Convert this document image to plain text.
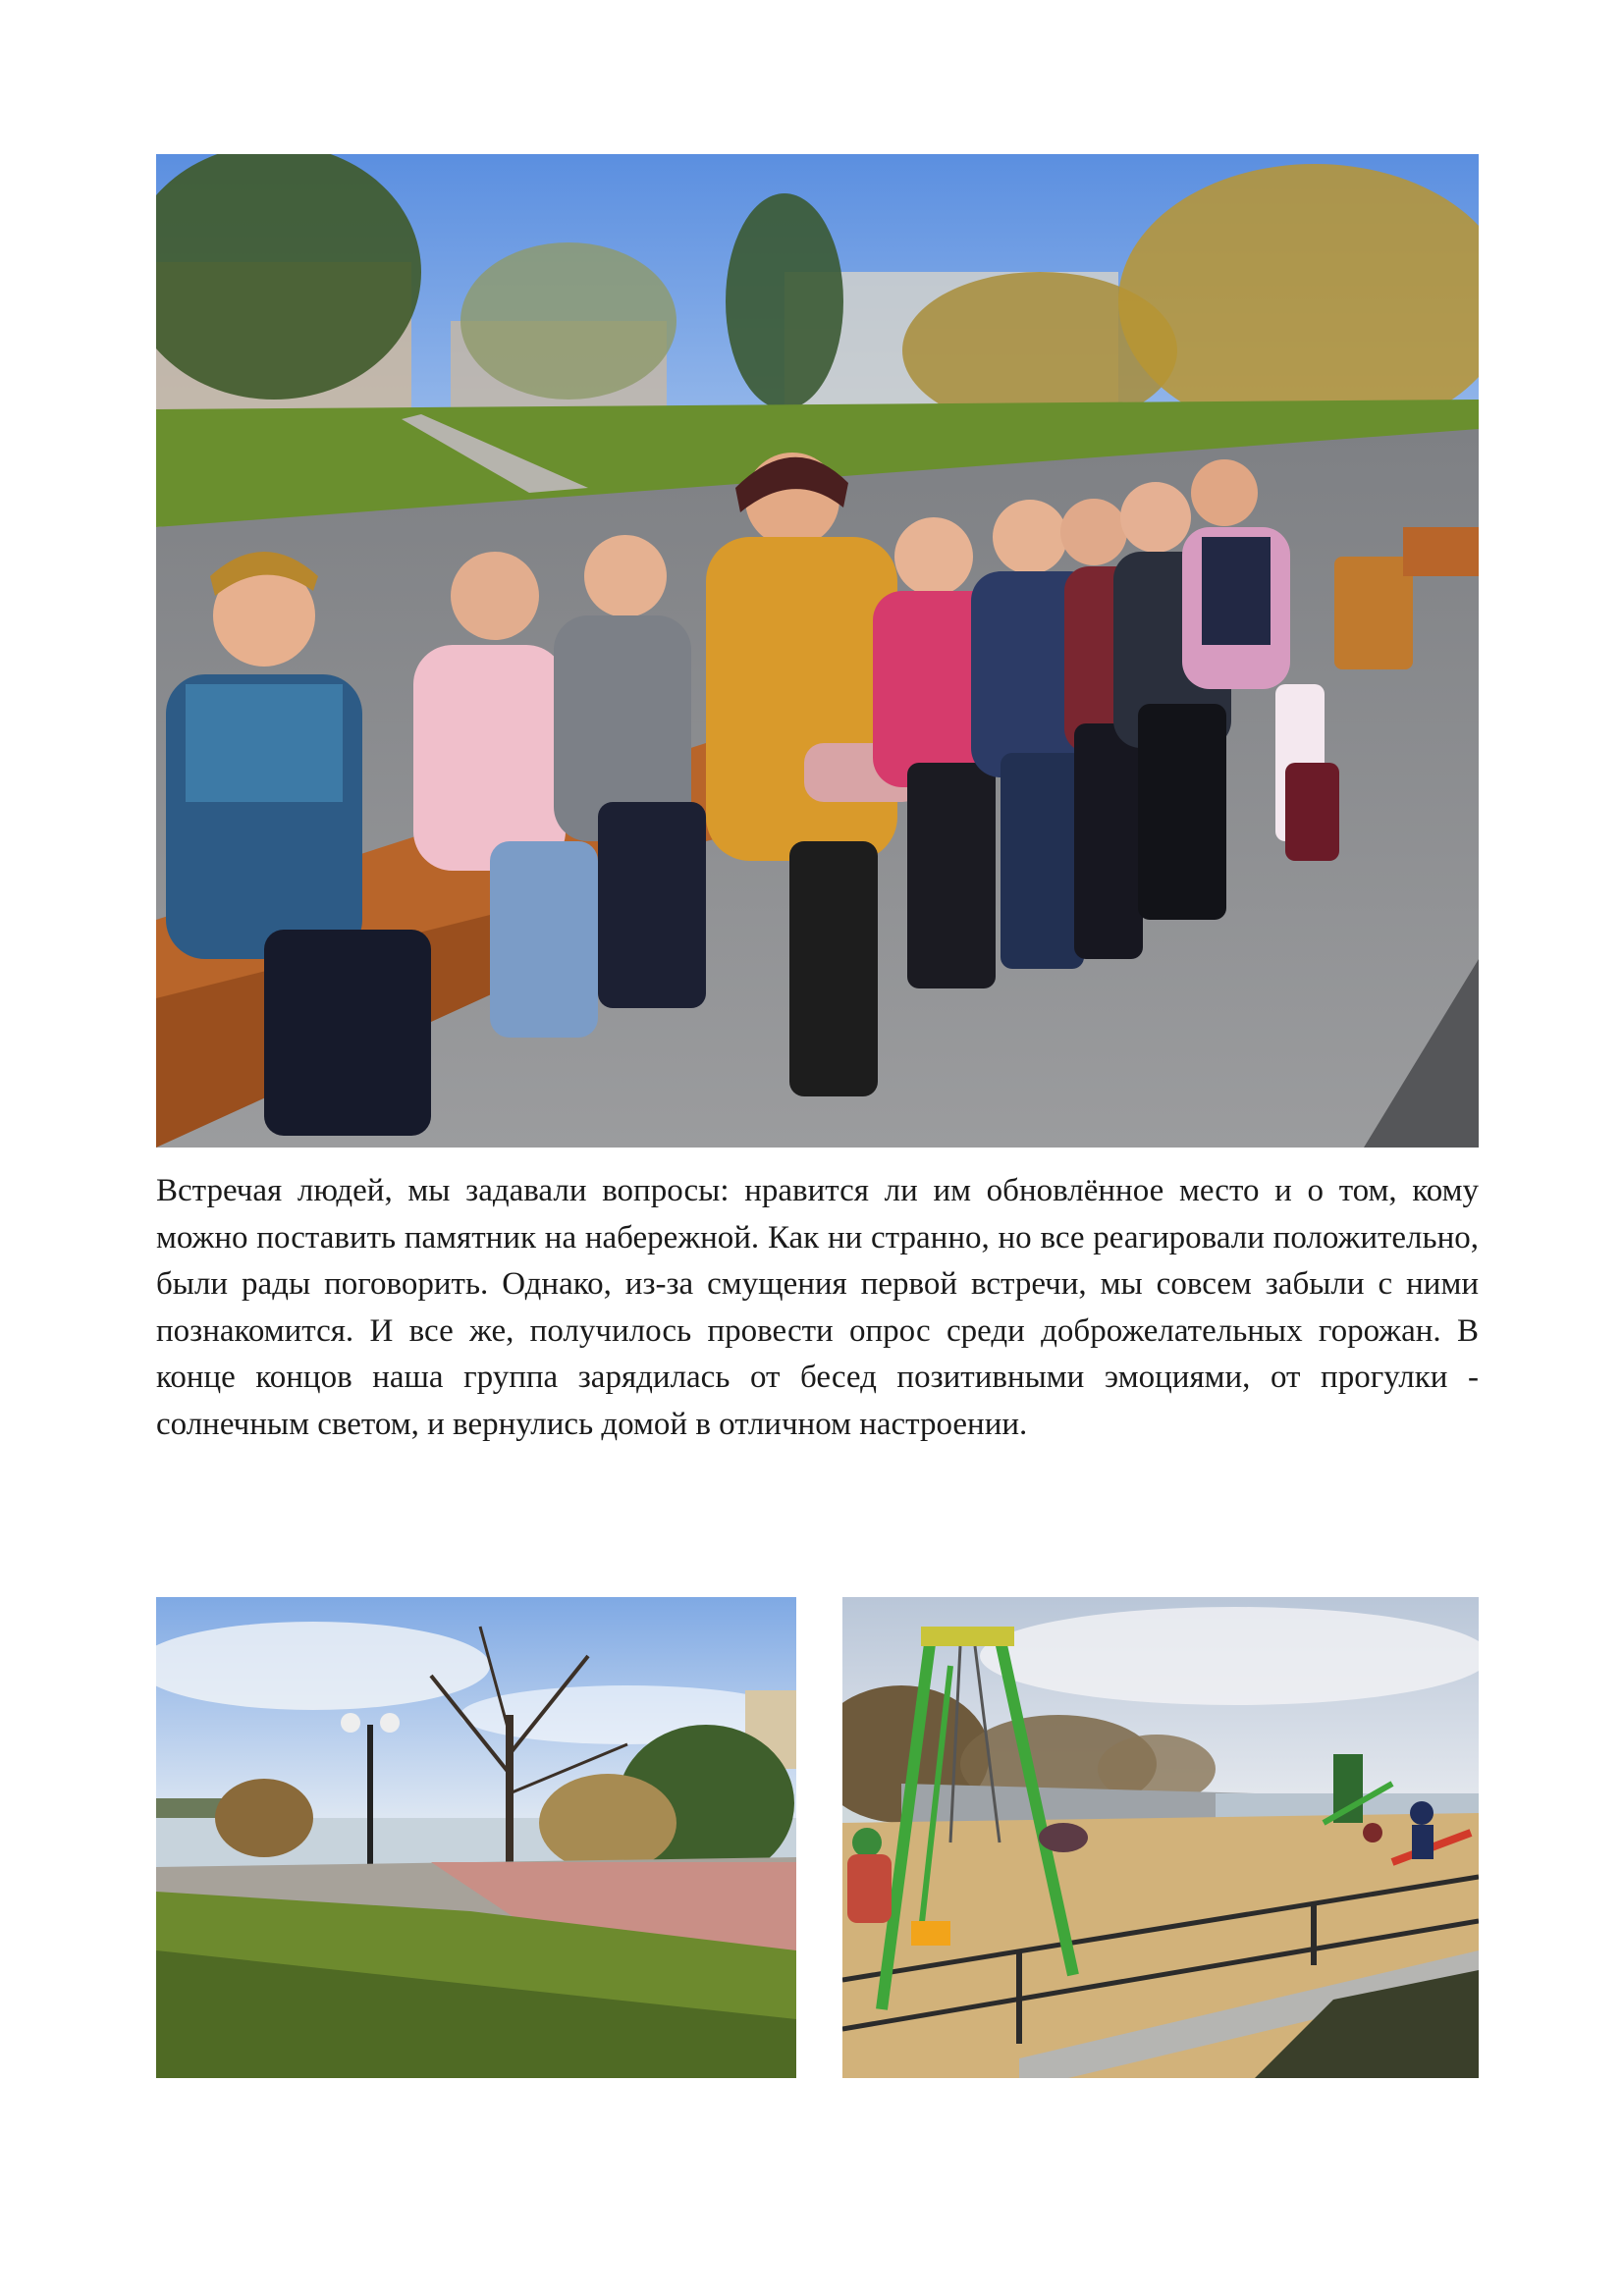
Встречая людей, мы задавали вопросы: нравится ли им обновлённое место и о том, кому можно поставить памятник на набережной. Как ни странно, но все реагировали положительно, были рады поговорить. Однако, из-за смущения первой встречи, мы совсем забыли с ними познакомится. И все же, получилось провести опрос среди доброжелательных горожан. В конце концов наша группа зарядилась от бесед позитивными эмоциями, от прогулки - солнечным светом, и вернулись домой в отличном настроении.
